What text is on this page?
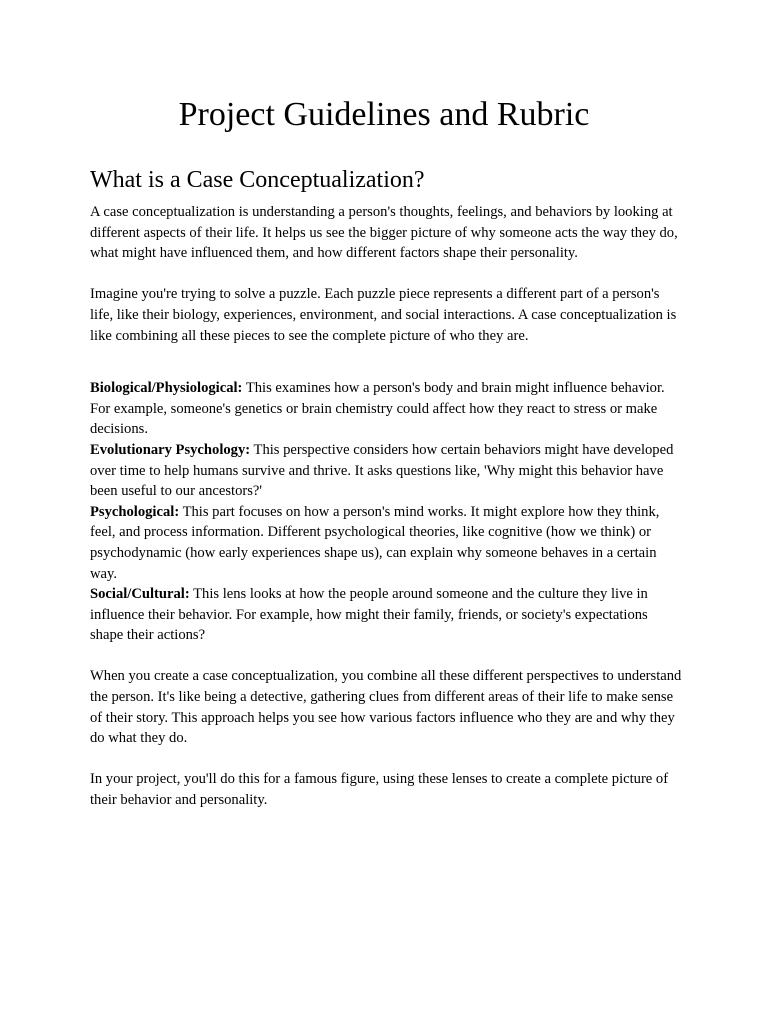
Project Guidelines and Rubric
What is a Case Conceptualization?

A case conceptualization is understanding a person's thoughts, feelings, and behaviors by looking at different aspects of their life. It helps us see the bigger picture of why someone acts the way they do, what might have influenced them, and how different factors shape their personality.

Imagine you're trying to solve a puzzle. Each puzzle piece represents a different part of a person's life, like their biology, experiences, environment, and social interactions. A case conceptualization is like combining all these pieces to see the complete picture of who they are.

Biological/Physiological: This examines how a person's body and brain might influence behavior. For example, someone's genetics or brain chemistry could affect how they react to stress or make decisions.

Evolutionary Psychology: This perspective considers how certain behaviors might have developed over time to help humans survive and thrive. It asks questions like, 'Why might this behavior have been useful to our ancestors?'

Psychological: This part focuses on how a person's mind works. It might explore how they think, feel, and process information. Different psychological theories, like cognitive (how we think) or psychodynamic (how early experiences shape us), can explain why someone behaves in a certain way.

Social/Cultural: This lens looks at how the people around someone and the culture they live in influence their behavior. For example, how might their family, friends, or society's expectations shape their actions?

When you create a case conceptualization, you combine all these different perspectives to understand the person. It's like being a detective, gathering clues from different areas of their life to make sense of their story. This approach helps you see how various factors influence who they are and why they do what they do.

In your project, you'll do this for a famous figure, using these lenses to create a complete picture of their behavior and personality.
